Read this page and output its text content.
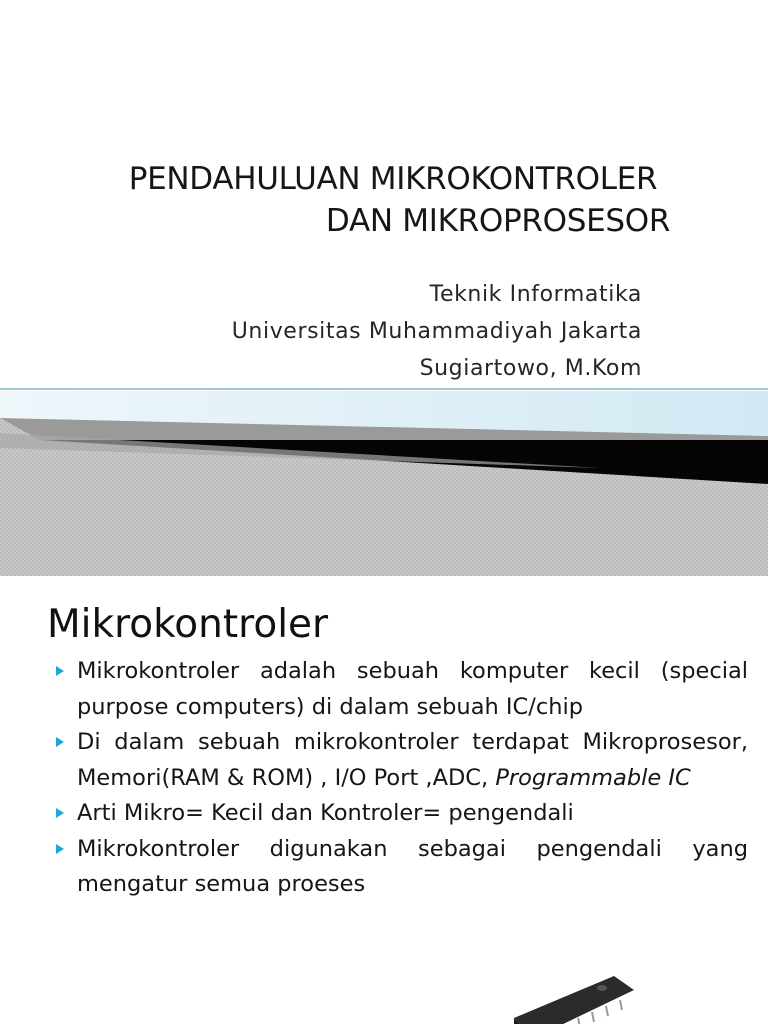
PENDAHULUAN MIKROKONTROLER
DAN MIKROPROSESOR
Teknik Informatika
Universitas Muhammadiyah Jakarta
Sugiartowo, M.Kom
Mikrokontroler
Mikrokontroler adalah sebuah komputer kecil (special purpose computers) di dalam sebuah IC/chip
Di dalam sebuah mikrokontroler terdapat Mikroprosesor, Memori(RAM & ROM) , I/O Port ,ADC, Programmable IC
Arti Mikro= Kecil dan Kontroler= pengendali
Mikrokontroler digunakan sebagai pengendali yang mengatur semua proeses
